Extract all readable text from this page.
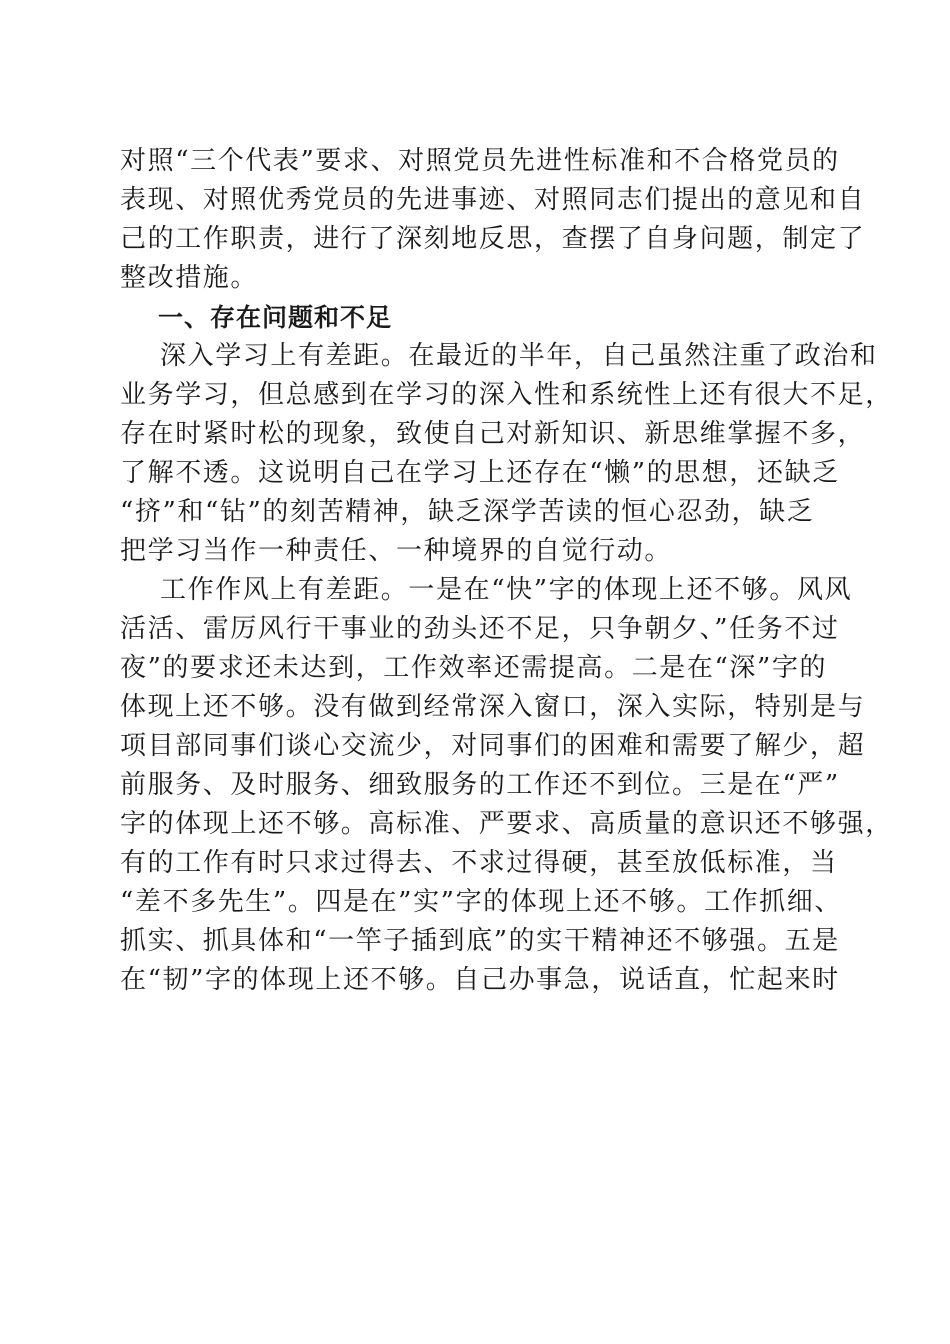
对照“三个代表”要求、对照党员先进性标准和不合格党员的
表现、对照优秀党员的先进事迹、对照同志们提出的意见和自
己的工作职责，进行了深刻地反思，查摆了自身问题，制定了
整改措施。
一、存在问题和不足
深入学习上有差距。在最近的半年，自己虽然注重了政治和
业务学习，但总感到在学习的深入性和系统性上还有很大不足，
存在时紧时松的现象，致使自己对新知识、新思维掌握不多，
了解不透。这说明自己在学习上还存在“懒”的思想，还缺乏
“挤”和“钻”的刻苦精神，缺乏深学苦读的恒心忍劲，缺乏
把学习当作一种责任、一种境界的自觉行动。
工作作风上有差距。一是在“快”字的体现上还不够。风风
活活、雷厉风行干事业的劲头还不足，只争朝夕、”任务不过
夜”的要求还未达到，工作效率还需提高。二是在“深”字的
体现上还不够。没有做到经常深入窗口，深入实际，特别是与
项目部同事们谈心交流少，对同事们的困难和需要了解少，超
前服务、及时服务、细致服务的工作还不到位。三是在“严”
字的体现上还不够。高标准、严要求、高质量的意识还不够强，
有的工作有时只求过得去、不求过得硬，甚至放低标准，当
“差不多先生”。四是在”实”字的体现上还不够。工作抓细、
抓实、抓具体和“一竿子插到底”的实干精神还不够强。五是
在“韧”字的体现上还不够。自己办事急，说话直，忙起来时
